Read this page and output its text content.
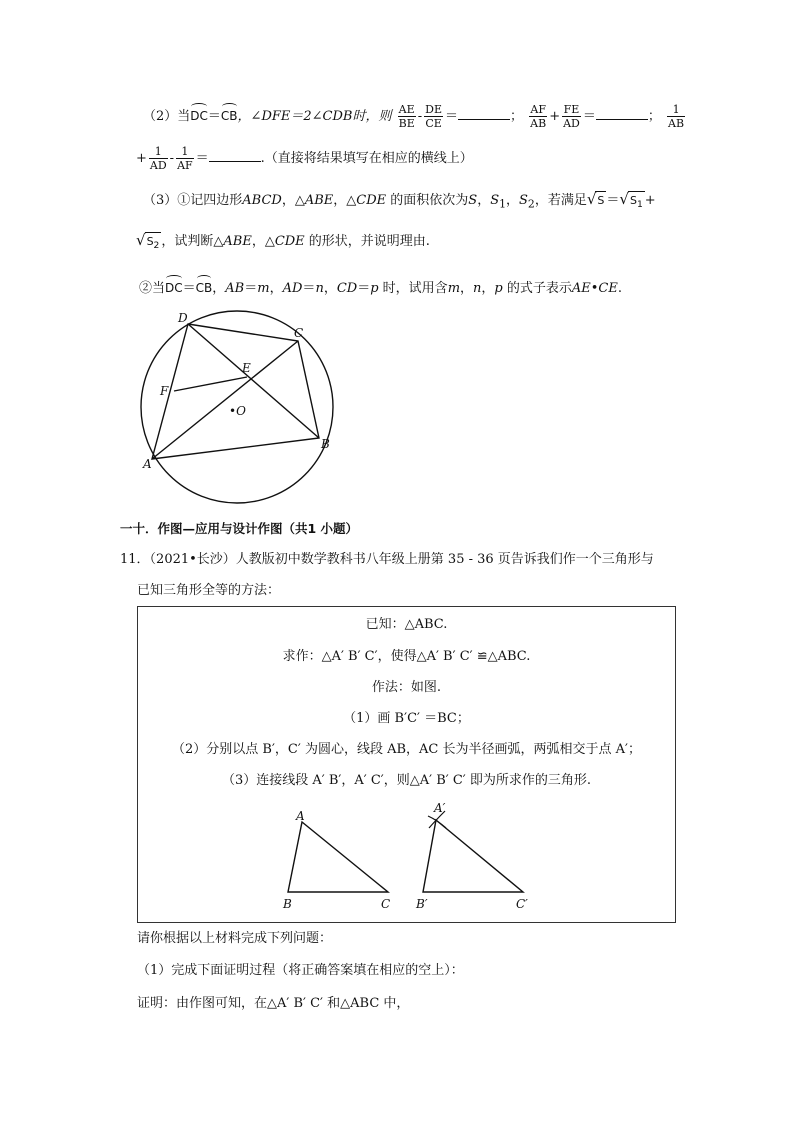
（2）当DC＝CB，∠DFE＝2∠CDB时，则 $\frac{AE}{BE} - \frac{DE}{CE}$ ＝	； $\frac{AF}{AB} + \frac{FE}{AD}$ ＝	； $\frac{1}{AB}$
+ $\frac{1}{AD} - \frac{1}{AF}$ ＝	.（直接将结果填写在相应的横线上）
（3）①记四边形ABCD，△ABE，△CDE 的面积依次为S，$S_1$，$S_2$，若满足$√S =√S_1$ +
$√S_2$ ，试判断△ABE，△CDE 的形状，并说明理由.
②当DC＝CB，AB＝m，AD＝n，CD＝p 时，试用含m，n，p 的式子表示AE•CE.
D
C
E
F
•O
B
A
一十．作图—应用与设计作图（共1 小题）
11．（2021•长沙）人教版初中数学教科书八年级上册第 35 - 36 页告诉我们作一个三角形与
已知三角形全等的方法：
已知：△ABC.
求作：△A′ B′ C′，使得△A′ B′ C′ ≌△ABC.
作法：如图.
（1）画 B′C′ ＝BC；
（2）分别以点 B′，C′ 为圆心，线段 AB，AC 长为半径画弧，两弧相交于点 A′；
（3）连接线段 A′ B′，A′ C′，则△A′ B′ C′ 即为所求作的三角形.
A
B	C
A′
B′	C′
请你根据以上材料完成下列问题：
（1）完成下面证明过程（将正确答案填在相应的空上）：
证明：由作图可知，在△A′ B′ C′ 和△ABC 中，
